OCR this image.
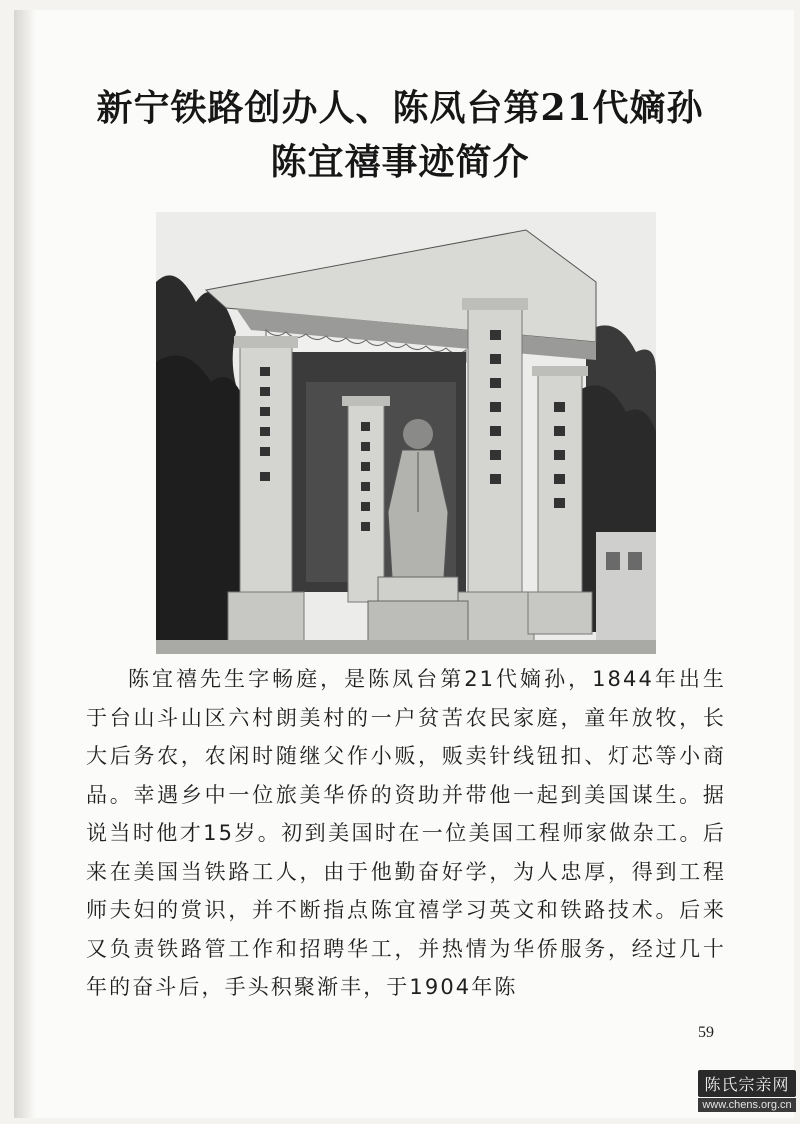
新宁铁路创办人、陈凤台第21代嫡孙
陈宜禧事迹简介

陈宜禧先生字畅庭，是陈凤台第21代嫡孙，1844年出生于台山斗山区六村朗美村的一户贫苦农民家庭，童年放牧，长大后务农，农闲时随继父作小贩，贩卖针线钮扣、灯芯等小商品。幸遇乡中一位旅美华侨的资助并带他一起到美国谋生。据说当时他才15岁。初到美国时在一位美国工程师家做杂工。后来在美国当铁路工人，由于他勤奋好学，为人忠厚，得到工程师夫妇的赏识，并不断指点陈宜禧学习英文和铁路技术。后来又负责铁路管工作和招聘华工，并热情为华侨服务，经过几十年的奋斗后，手头积聚渐丰，于1904年陈

59
陈氏宗亲网
www.chens.org.cn
